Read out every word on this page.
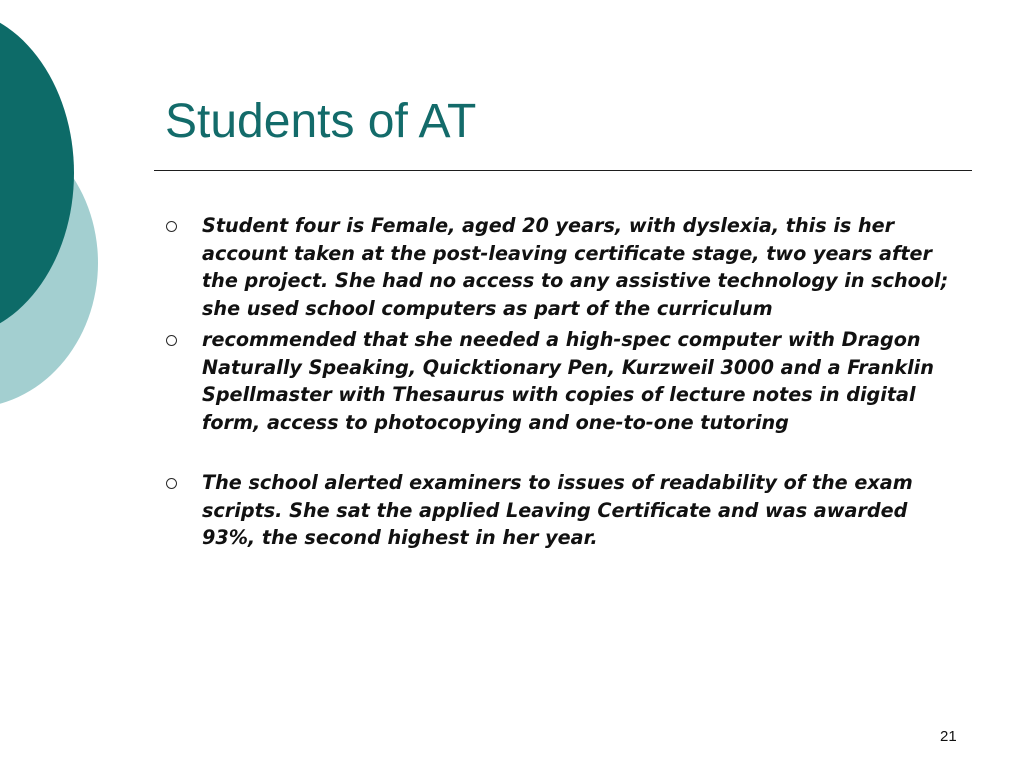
Students of AT
Student four is Female, aged 20 years, with dyslexia, this is her account taken at the post-leaving certificate stage, two years after the project. She had no access to any assistive technology in school; she used school computers as part of the curriculum
recommended that she needed a high-spec computer with Dragon Naturally Speaking, Quicktionary Pen, Kurzweil 3000 and a Franklin Spellmaster with Thesaurus with copies of lecture notes in digital form, access to photocopying and one-to-one tutoring
The school alerted examiners to issues of readability of the exam scripts. She sat the applied Leaving Certificate and was awarded 93%, the second highest in her year.
21
